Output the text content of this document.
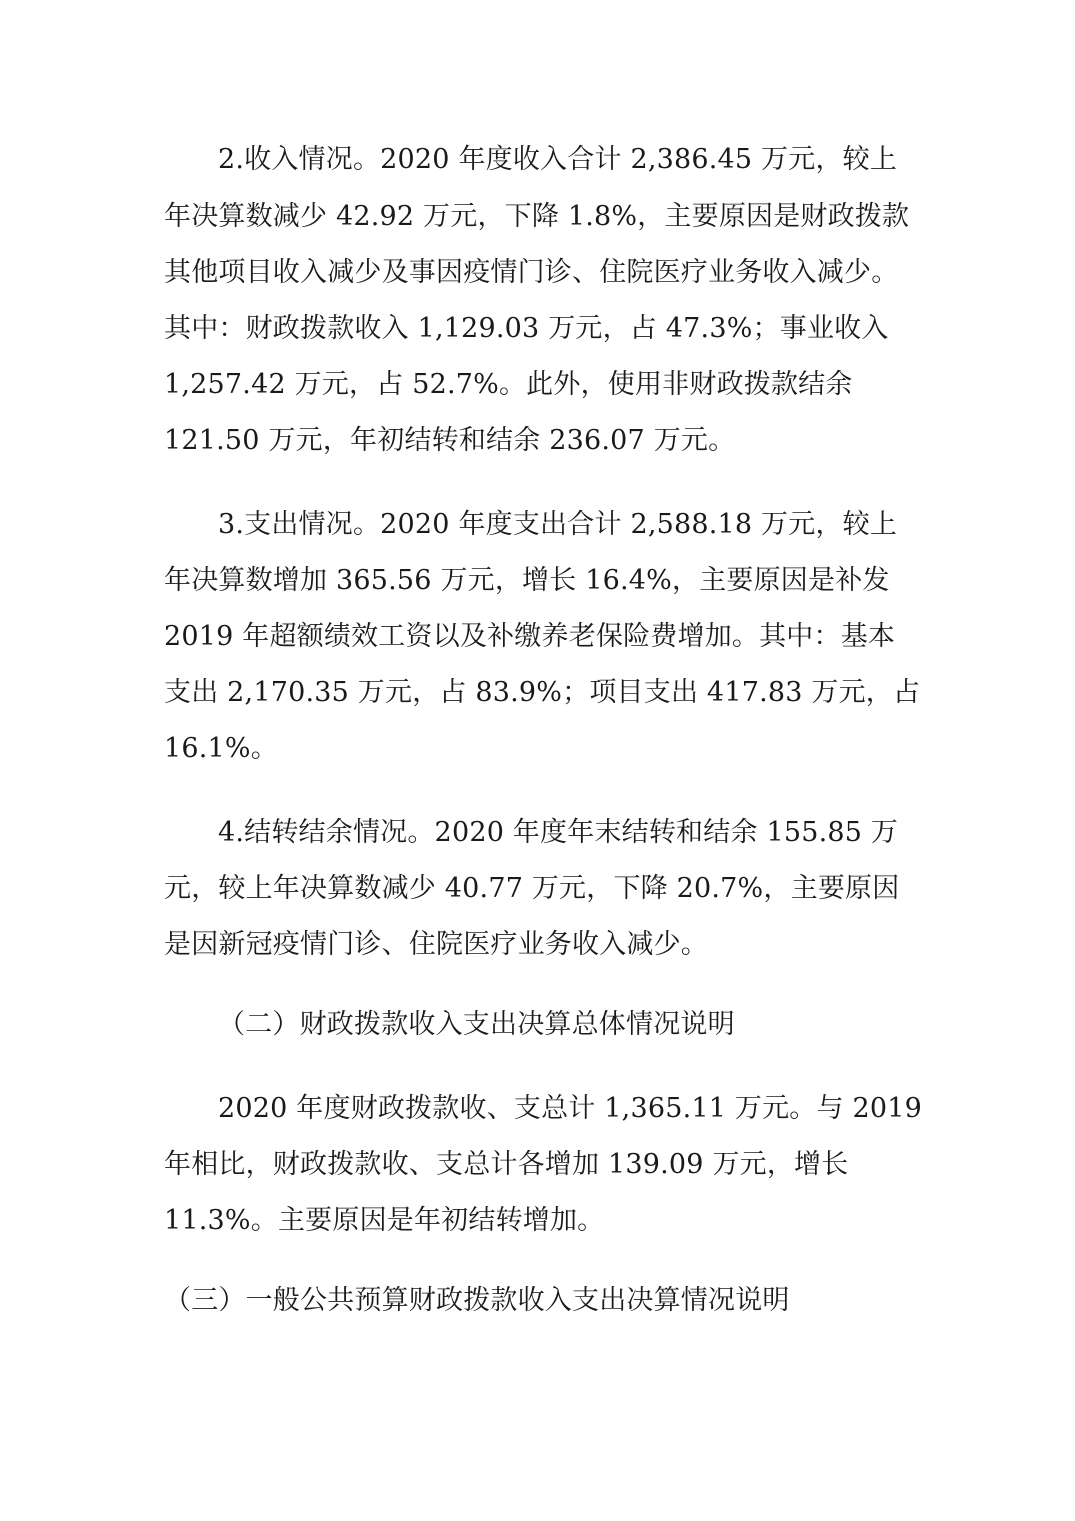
2.收入情况。2020 年度收入合计 2,386.45 万元，较上
年决算数减少 42.92 万元，下降 1.8%，主要原因是财政拨款
其他项目收入减少及事因疫情门诊、住院医疗业务收入减少。
其中：财政拨款收入 1,129.03 万元，占 47.3%；事业收入
1,257.42 万元，占 52.7%。此外，使用非财政拨款结余
121.50 万元，年初结转和结余 236.07 万元。
3.支出情况。2020 年度支出合计 2,588.18 万元，较上
年决算数增加 365.56 万元，增长 16.4%，主要原因是补发
2019 年超额绩效工资以及补缴养老保险费增加。其中：基本
支出 2,170.35 万元，占 83.9%；项目支出 417.83 万元，占
16.1%。
4.结转结余情况。2020 年度年末结转和结余 155.85 万
元，较上年决算数减少 40.77 万元，下降 20.7%，主要原因
是因新冠疫情门诊、住院医疗业务收入减少。
（二）财政拨款收入支出决算总体情况说明
2020 年度财政拨款收、支总计 1,365.11 万元。与 2019
年相比，财政拨款收、支总计各增加 139.09 万元，增长
11.3%。主要原因是年初结转增加。
（三）一般公共预算财政拨款收入支出决算情况说明
